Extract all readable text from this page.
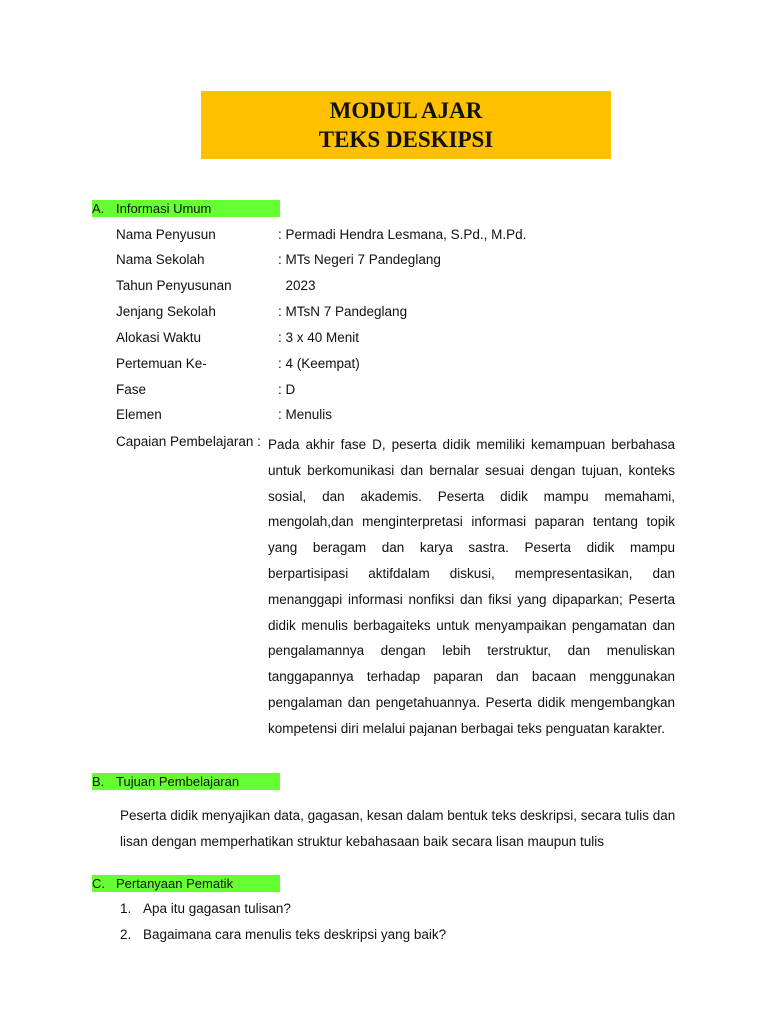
MODUL AJAR
TEKS DESKIPSI
A. Informasi Umum
Nama Penyusun	: Permadi Hendra Lesmana, S.Pd., M.Pd.
Nama Sekolah	: MTs Negeri 7 Pandeglang
Tahun Penyusunan	2023
Jenjang Sekolah	: MTsN 7 Pandeglang
Alokasi Waktu	: 3 x 40 Menit
Pertemuan Ke-	: 4 (Keempat)
Fase	: D
Elemen	: Menulis
Capaian Pembelajaran : Pada akhir fase D, peserta didik memiliki kemampuan berbahasa untuk berkomunikasi dan bernalar sesuai dengan tujuan, konteks sosial, dan akademis. Peserta didik mampu memahami, mengolah,dan menginterpretasi informasi paparan tentang topik yang beragam dan karya sastra. Peserta didik mampu berpartisipasi aktifdalam diskusi, mempresentasikan, dan menanggapi informasi nonfiksi dan fiksi yang dipaparkan; Peserta didik menulis berbagaiteks untuk menyampaikan pengamatan dan pengalamannya dengan lebih terstruktur, dan menuliskan tanggapannya terhadap paparan dan bacaan menggunakan pengalaman dan pengetahuannya. Peserta didik mengembangkan kompetensi diri melalui pajanan berbagai teks penguatan karakter.
B. Tujuan Pembelajaran
Peserta didik menyajikan data, gagasan, kesan dalam bentuk teks deskripsi, secara tulis dan lisan dengan memperhatikan struktur kebahasaan baik secara lisan maupun tulis
C. Pertanyaan Pematik
1. Apa itu gagasan tulisan?
2. Bagaimana cara menulis teks deskripsi yang baik?
